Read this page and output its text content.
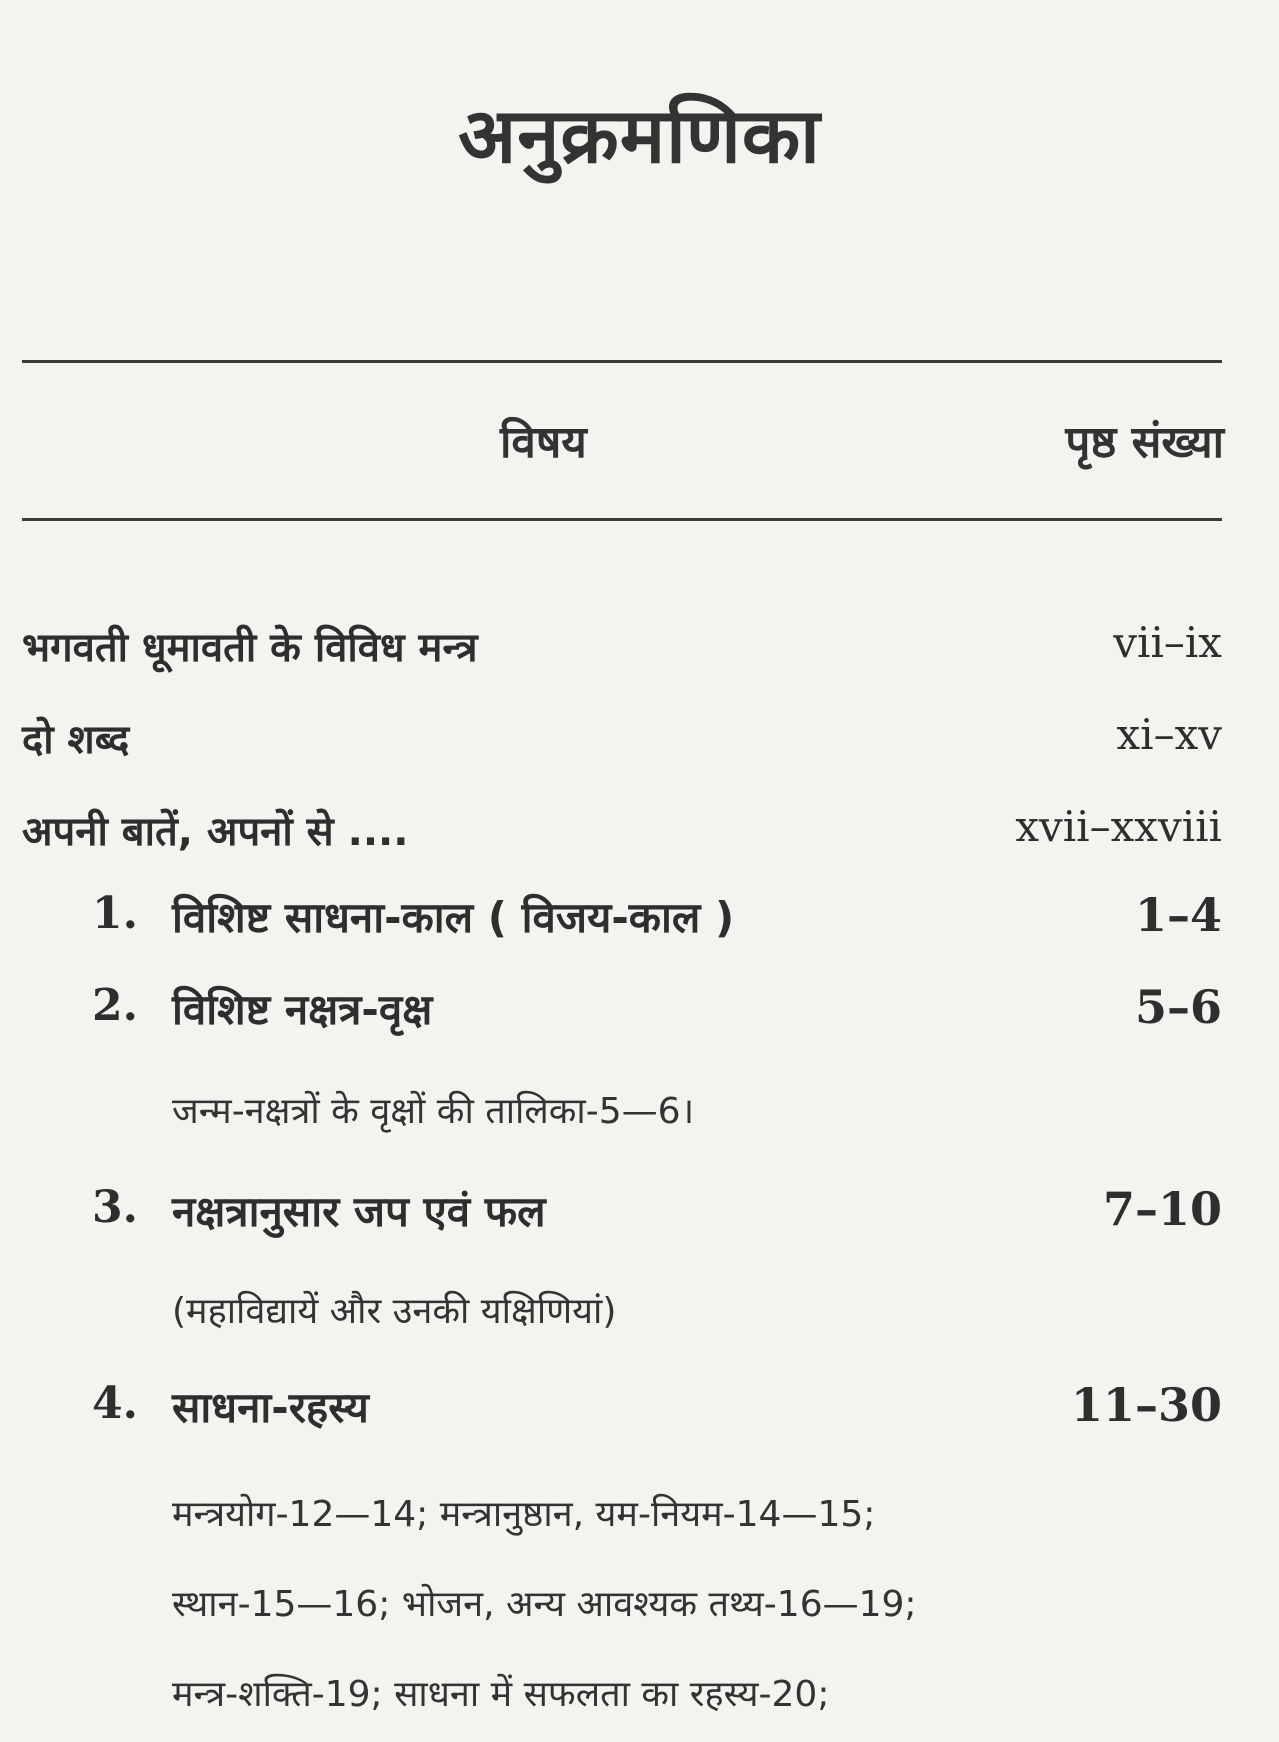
अनुक्रमणिका
विषय	पृष्ठ संख्या
भगवती धूमावती के विविध मन्त्र	vii–ix
दो शब्द	xi–xv
अपनी बातें, अपनों से ....	xvii–xxviii
1. विशिष्ट साधना-काल ( विजय-काल )	1–4
2. विशिष्ट नक्षत्र-वृक्ष	5–6
जन्म-नक्षत्रों के वृक्षों की तालिका-5—6।
3. नक्षत्रानुसार जप एवं फल	7–10
(महाविद्यायें और उनकी यक्षिणियां)
4. साधना-रहस्य	11–30
मन्त्रयोग-12—14; मन्त्रानुष्ठान, यम-नियम-14—15;
स्थान-15—16; भोजन, अन्य आवश्यक तथ्य-16—19;
मन्त्र-शक्ति-19; साधना में सफलता का रहस्य-20;
